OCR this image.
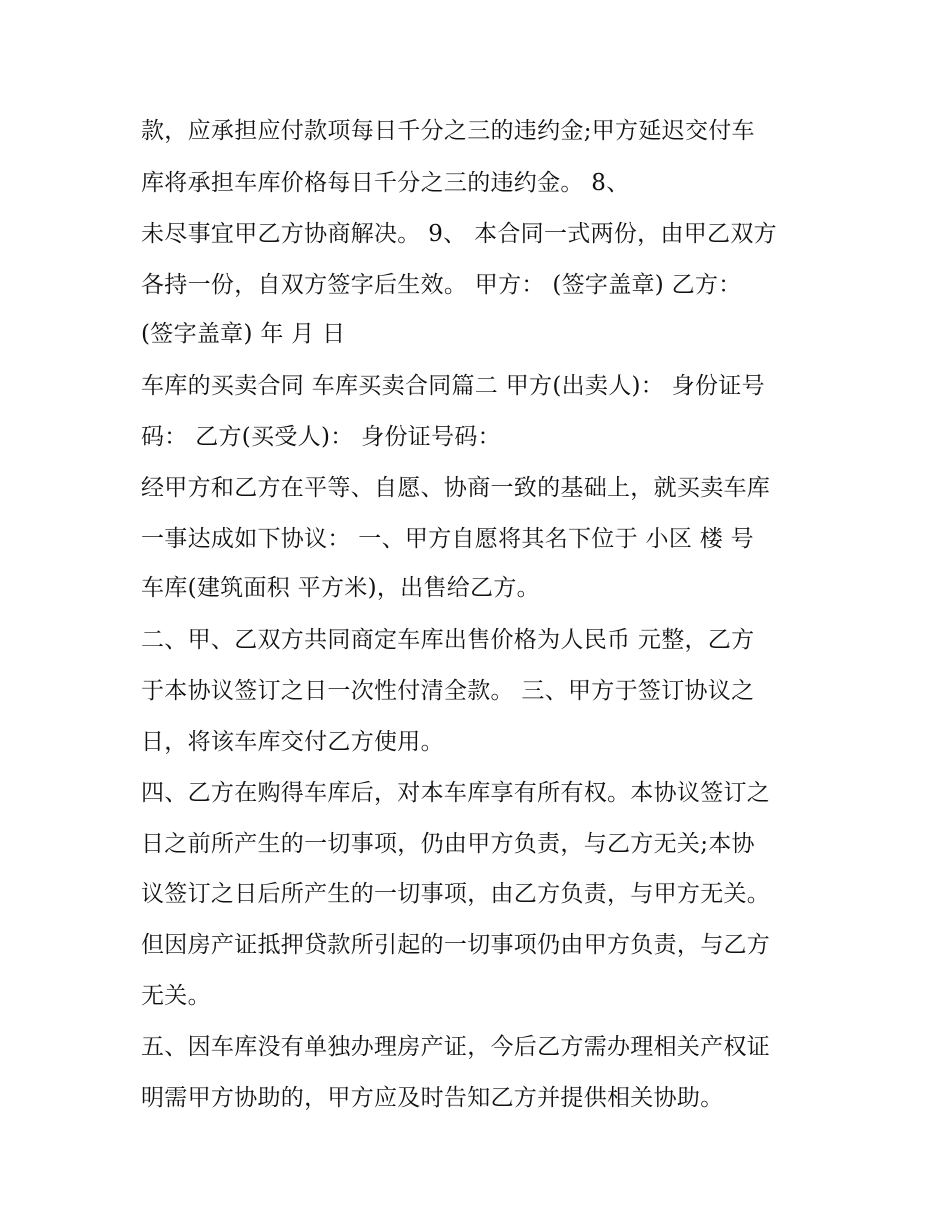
款，应承担应付款项每日千分之三的违约金;甲方延迟交付车
库将承担车库价格每日千分之三的违约金。 8、
未尽事宜甲乙方协商解决。 9、 本合同一式两份，由甲乙双方
各持一份，自双方签字后生效。 甲方： (签字盖章) 乙方：
(签字盖章) 年 月 日
车库的买卖合同 车库买卖合同篇二 甲方(出卖人)： 身份证号
码： 乙方(买受人)： 身份证号码：
经甲方和乙方在平等、自愿、协商一致的基础上，就买卖车库
一事达成如下协议： 一、甲方自愿将其名下位于 小区 楼 号
车库(建筑面积 平方米)，出售给乙方。
二、甲、乙双方共同商定车库出售价格为人民币 元整，乙方
于本协议签订之日一次性付清全款。 三、甲方于签订协议之
日，将该车库交付乙方使用。
四、乙方在购得车库后，对本车库享有所有权。本协议签订之
日之前所产生的一切事项，仍由甲方负责，与乙方无关;本协
议签订之日后所产生的一切事项，由乙方负责，与甲方无关。
但因房产证抵押贷款所引起的一切事项仍由甲方负责，与乙方
无关。
五、因车库没有单独办理房产证，今后乙方需办理相关产权证
明需甲方协助的，甲方应及时告知乙方并提供相关协助。
